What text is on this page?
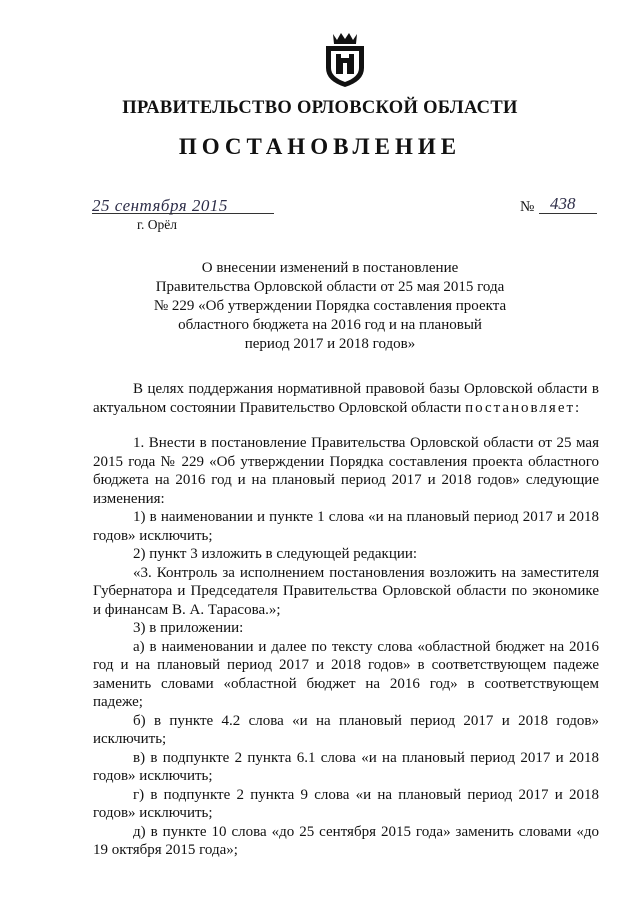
ПРАВИТЕЛЬСТВО ОРЛОВСКОЙ ОБЛАСТИ
ПОСТАНОВЛЕНИЕ
25 сентября 2015
г. Орёл
№ 438
О внесении изменений в постановление
Правительства Орловской области от 25 мая 2015 года
№ 229 «Об утверждении Порядка составления проекта
областного бюджета на 2016 год и на плановый
период 2017 и 2018 годов»

В целях поддержания нормативной правовой базы Орловской области в актуальном состоянии Правительство Орловской области постановляет:

1. Внести в постановление Правительства Орловской области от 25 мая 2015 года № 229 «Об утверждении Порядка составления проекта областного бюджета на 2016 год и на плановый период 2017 и 2018 годов» следующие изменения:

1) в наименовании и пункте 1 слова «и на плановый период 2017 и 2018 годов» исключить;

2) пункт 3 изложить в следующей редакции:

«3. Контроль за исполнением постановления возложить на заместителя Губернатора и Председателя Правительства Орловской области по экономике и финансам В. А. Тарасова.»;

3) в приложении:

а) в наименовании и далее по тексту слова «областной бюджет на 2016 год и на плановый период 2017 и 2018 годов» в соответствующем падеже заменить словами «областной бюджет на 2016 год» в соответствующем падеже;

б) в пункте 4.2 слова «и на плановый период 2017 и 2018 годов» исключить;

в) в подпункте 2 пункта 6.1 слова «и на плановый период 2017 и 2018 годов» исключить;

г) в подпункте 2 пункта 9 слова «и на плановый период 2017 и 2018 годов» исключить;

д) в пункте 10 слова «до 25 сентября 2015 года» заменить словами «до 19 октября 2015 года»;
